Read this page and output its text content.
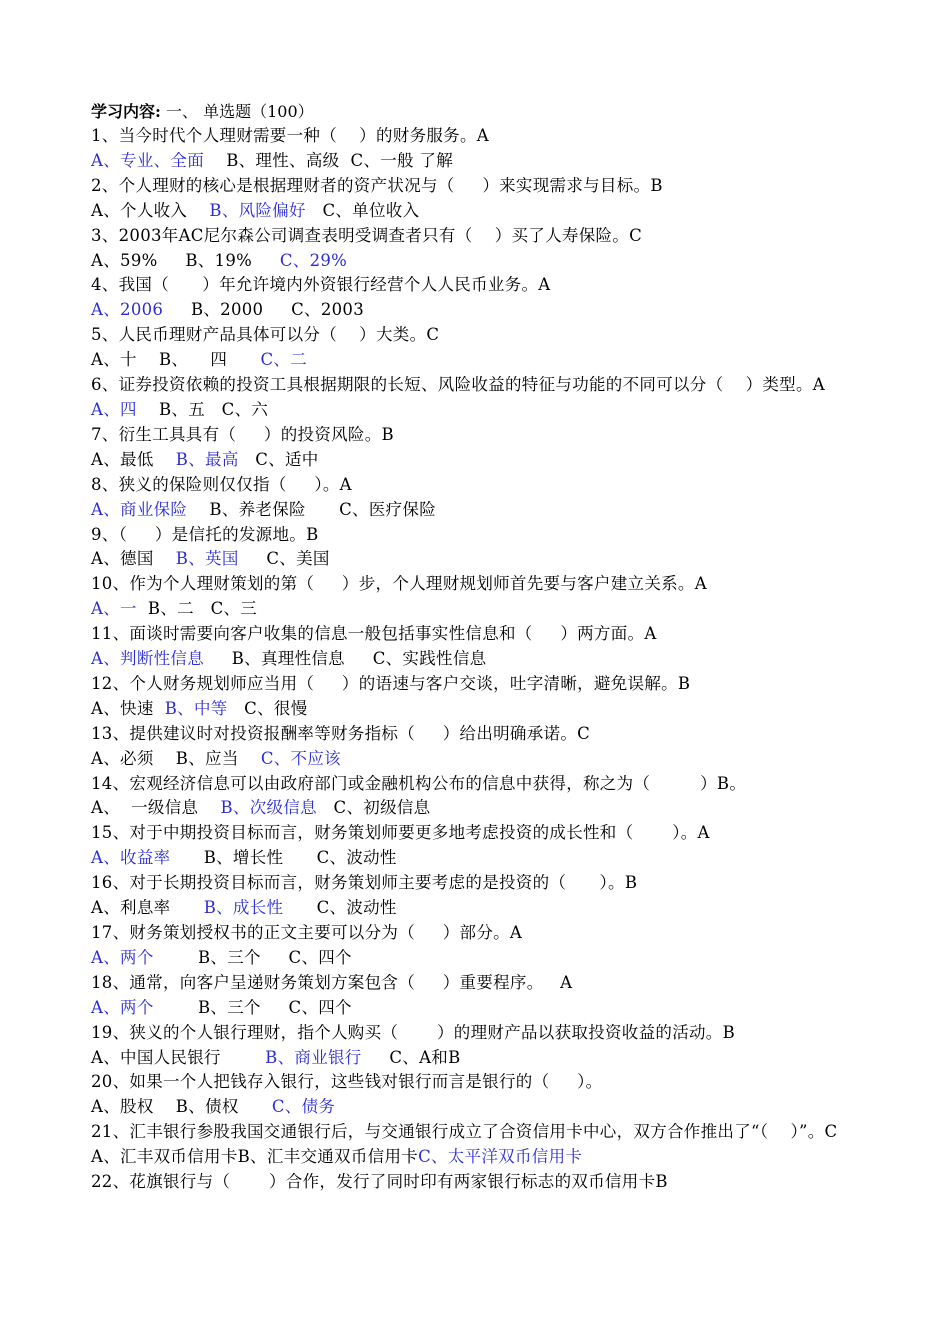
学习内容: 一、 单选题（100）
1、当今时代个人理财需要一种（    ）的财务服务。A
A、专业、全面    B、理性、高级  C、一般 了解
2、个人理财的核心是根据理财者的资产状况与（     ）来实现需求与目标。B
A、个人收入    B、风险偏好   C、单位收入
3、2003年AC尼尔森公司调查表明受调查者只有（    ）买了人寿保险。C
A、59%     B、19%     C、29%
4、我国（      ）年允许境内外资银行经营个人人民币业务。A
A、2006     B、2000     C、2003
5、人民币理财产品具体可以分（    ）大类。C
A、十    B、    四      C、二
6、证券投资依赖的投资工具根据期限的长短、风险收益的特征与功能的不同可以分（    ）类型。A
A、四    B、五   C、六
7、衍生工具具有（     ）的投资风险。B
A、最低    B、最高   C、适中
8、狭义的保险则仅仅指（     ）。A
A、商业保险    B、养老保险      C、医疗保险
9、（     ）是信托的发源地。B
A、德国    B、英国     C、美国
10、作为个人理财策划的第（     ）步，个人理财规划师首先要与客户建立关系。A
A、一  B、二   C、三
11、面谈时需要向客户收集的信息一般包括事实性信息和（     ）两方面。A
A、判断性信息     B、真理性信息     C、实践性信息
12、个人财务规划师应当用（     ）的语速与客户交谈，吐字清晰，避免误解。B
A、快速  B、中等   C、很慢
13、提供建议时对投资报酬率等财务指标（     ）给出明确承诺。C
A、必须    B、应当    C、不应该
14、宏观经济信息可以由政府部门或金融机构公布的信息中获得，称之为（         ）B。
A、  一级信息    B、次级信息   C、初级信息
15、对于中期投资目标而言，财务策划师要更多地考虑投资的成长性和（       ）。A
A、收益率      B、增长性      C、波动性
16、对于长期投资目标而言，财务策划师主要考虑的是投资的（      ）。B
A、利息率      B、成长性      C、波动性
17、财务策划授权书的正文主要可以分为（     ）部分。A
A、两个        B、三个     C、四个
18、通常，向客户呈递财务策划方案包含（     ）重要程序。   A
A、两个        B、三个     C、四个
19、狭义的个人银行理财，指个人购买（       ）的理财产品以获取投资收益的活动。B
A、中国人民银行        B、商业银行     C、A和B
20、如果一个人把钱存入银行，这些钱对银行而言是银行的（     ）。
A、股权    B、债权      C、债务
21、汇丰银行参股我国交通银行后，与交通银行成立了合资信用卡中心，双方合作推出了“（    ）”。C
A、汇丰双币信用卡B、汇丰交通双币信用卡C、太平洋双币信用卡
22、花旗银行与（       ）合作，发行了同时印有两家银行标志的双币信用卡B
